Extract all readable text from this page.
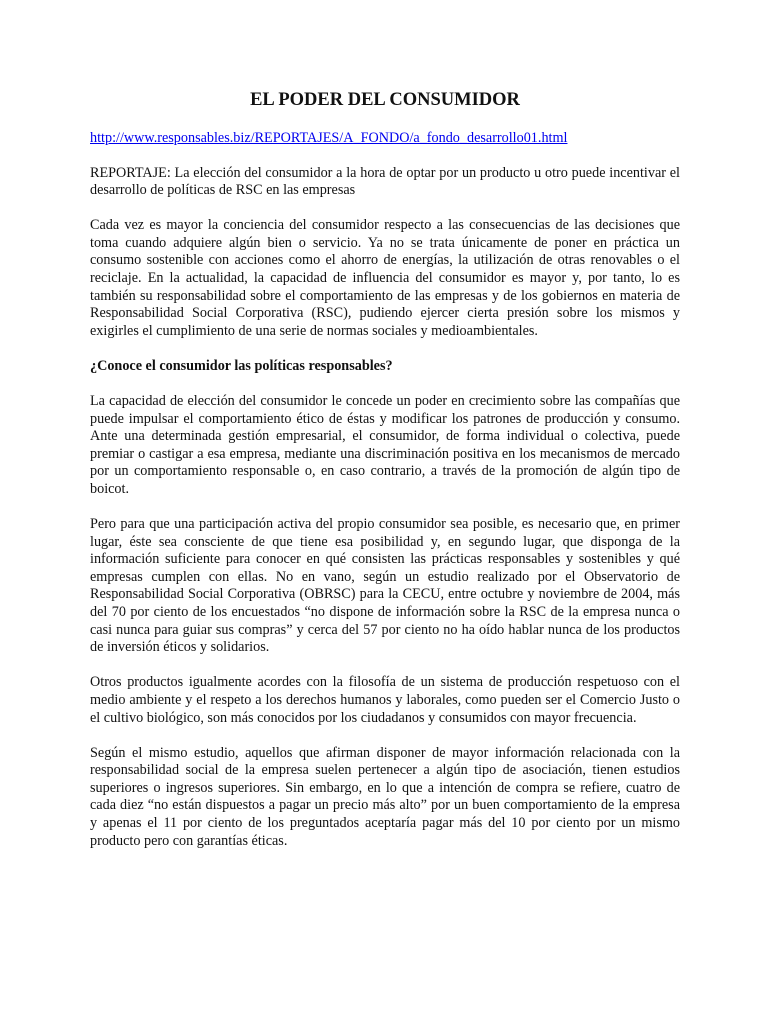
EL PODER DEL CONSUMIDOR
http://www.responsables.biz/REPORTAJES/A_FONDO/a_fondo_desarrollo01.html

REPORTAJE: La elección del consumidor a la hora de optar por un producto u otro puede incentivar el desarrollo de políticas de RSC en las empresas

Cada vez es mayor la conciencia del consumidor respecto a las consecuencias de las decisiones que toma cuando adquiere algún bien o servicio. Ya no se trata únicamente de poner en práctica un consumo sostenible con acciones como el ahorro de energías, la utilización de otras renovables o el reciclaje. En la actualidad, la capacidad de influencia del consumidor es mayor y, por tanto, lo es también su responsabilidad sobre el comportamiento de las empresas y de los gobiernos en materia de Responsabilidad Social Corporativa (RSC), pudiendo ejercer cierta presión sobre los mismos y exigirles el cumplimiento de una serie de normas sociales y medioambientales.

¿Conoce el consumidor las políticas responsables?

La capacidad de elección del consumidor le concede un poder en crecimiento sobre las compañías que puede impulsar el comportamiento ético de éstas y modificar los patrones de producción y consumo. Ante una determinada gestión empresarial, el consumidor, de forma individual o colectiva, puede premiar o castigar a esa empresa, mediante una discriminación positiva en los mecanismos de mercado por un comportamiento responsable o, en caso contrario, a través de la promoción de algún tipo de boicot.

Pero para que una participación activa del propio consumidor sea posible, es necesario que, en primer lugar, éste sea consciente de que tiene esa posibilidad y, en segundo lugar, que disponga de la información suficiente para conocer en qué consisten las prácticas responsables y sostenibles y qué empresas cumplen con ellas. No en vano, según un estudio realizado por el Observatorio de Responsabilidad Social Corporativa (OBRSC) para la CECU, entre octubre y noviembre de 2004, más del 70 por ciento de los encuestados “no dispone de información sobre la RSC de la empresa nunca o casi nunca para guiar sus compras” y cerca del 57 por ciento no ha oído hablar nunca de los productos de inversión éticos y solidarios.

Otros productos igualmente acordes con la filosofía de un sistema de producción respetuoso con el medio ambiente y el respeto a los derechos humanos y laborales, como pueden ser el Comercio Justo o el cultivo biológico, son más conocidos por los ciudadanos y consumidos con mayor frecuencia.

Según el mismo estudio, aquellos que afirman disponer de mayor información relacionada con la responsabilidad social de la empresa suelen pertenecer a algún tipo de asociación, tienen estudios superiores o ingresos superiores. Sin embargo, en lo que a intención de compra se refiere, cuatro de cada diez “no están dispuestos a pagar un precio más alto” por un buen comportamiento de la empresa y apenas el 11 por ciento de los preguntados aceptaría pagar más del 10 por ciento por un mismo producto pero con garantías éticas.
